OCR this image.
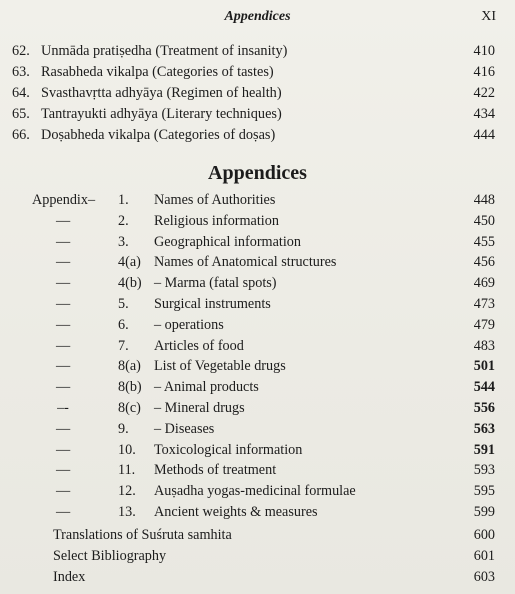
Appendices	XI
62. Unmāda pratiṣedha (Treatment of insanity)	410
63. Rasabheda vikalpa (Categories of tastes)	416
64. Svasthavṛtta adhyāya (Regimen of health)	422
65. Tantrayukti adhyāya (Literary techniques)	434
66. Doṣabheda vikalpa (Categories of doṣas)	444
Appendices
Appendix– 1. Names of Authorities	448
—	2. Religious information	450
—	3. Geographical information	455
—	4(a) Names of Anatomical structures	456
—	4(b) – Marma (fatal spots)	469
—	5. Surgical instruments	473
—	6. – operations	479
—	7. Articles of food	483
—	8(a) List of Vegetable drugs	501
—	8(b) – Animal products	544
–-	8(c) – Mineral drugs	556
—	9. – Diseases	563
—	10. Toxicological information	591
—	11. Methods of treatment	593
—	12. Auṣadha yogas-medicinal formulae	595
—	13. Ancient weights & measures	599
Translations of Suśruta samhita	600
Select Bibliography	601
Index	603
